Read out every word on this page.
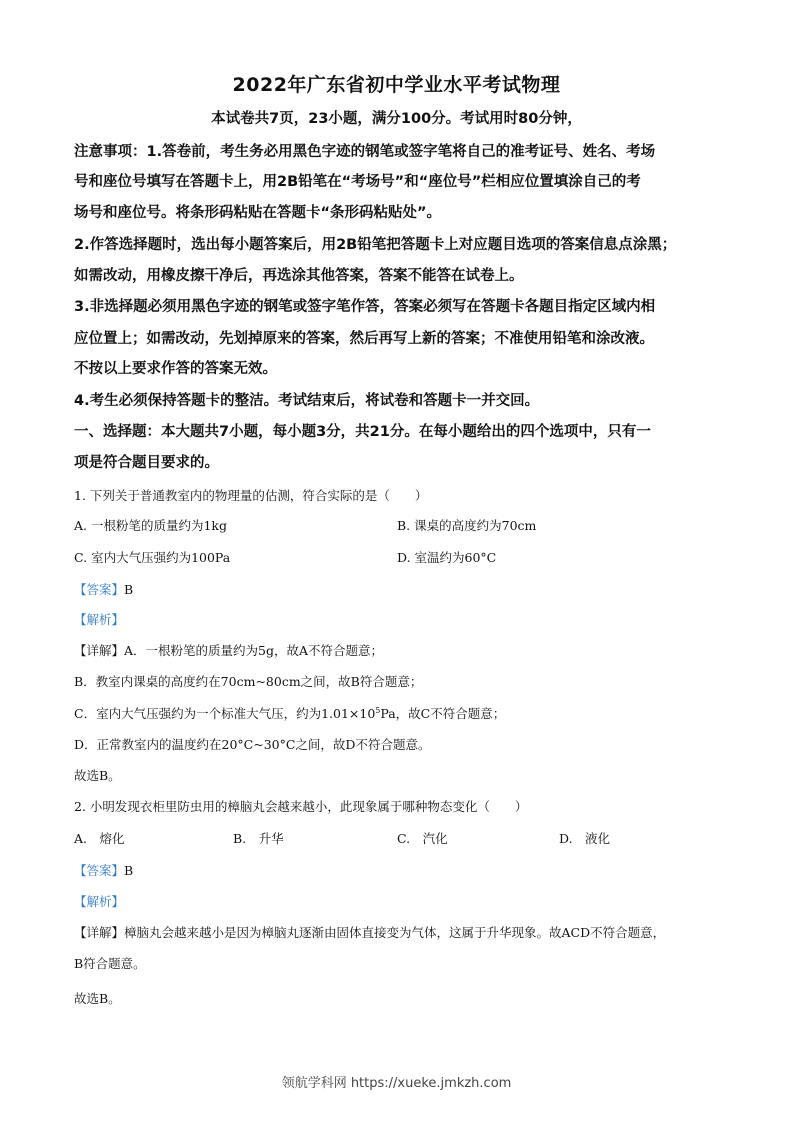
2022年广东省初中学业水平考试物理
本试卷共7页，23小题，满分100分。考试用时80分钟，
注意事项：1.答卷前，考生务必用黑色字迹的钢笔或签字笔将自己的准考证号、姓名、考场
号和座位号填写在答题卡上，用2B铅笔在“考场号”和“座位号”栏相应位置填涂自己的考
场号和座位号。将条形码粘贴在答题卡“条形码粘贴处”。
2.作答选择题时，选出每小题答案后，用2B铅笔把答题卡上对应题目选项的答案信息点涂黑；
如需改动，用橡皮擦干净后，再选涂其他答案，答案不能答在试卷上。
3.非选择题必须用黑色字迹的钢笔或签字笔作答，答案必须写在答题卡各题目指定区域内相
应位置上；如需改动，先划掉原来的答案，然后再写上新的答案；不准使用铅笔和涂改液。
不按以上要求作答的答案无效。
4.考生必须保持答题卡的整洁。考试结束后，将试卷和答题卡一并交回。
一、选择题：本大题共7小题，每小题3分，共21分。在每小题给出的四个选项中，只有一
项是符合题目要求的。
1. 下列关于普通教室内的物理量的估测，符合实际的是（　　）
A. 一根粉笔的质量约为1kg	B. 课桌的高度约为70cm
C. 室内大气压强约为100Pa	D. 室温约为60°C
【答案】B
【解析】
【详解】A．一根粉笔的质量约为5g，故A不符合题意；
B．教室内课桌的高度约在70cm~80cm之间，故B符合题意；
C．室内大气压强约为一个标准大气压，约为$1.01\times 10^5Pa$，故C不符合题意；
D．正常教室内的温度约在20°C~30°C之间，故D不符合题意。
故选B。
2. 小明发现衣柜里防虫用的樟脑丸会越来越小，此现象属于哪种物态变化（　　）
A.　熔化	B.　升华	C.　汽化	D.　液化
【答案】B
【解析】
【详解】樟脑丸会越来越小是因为樟脑丸逐渐由固体直接变为气体，这属于升华现象。故ACD不符合题意，
B符合题意。
故选B。
领航学科网 https://xueke.jmkzh.com
